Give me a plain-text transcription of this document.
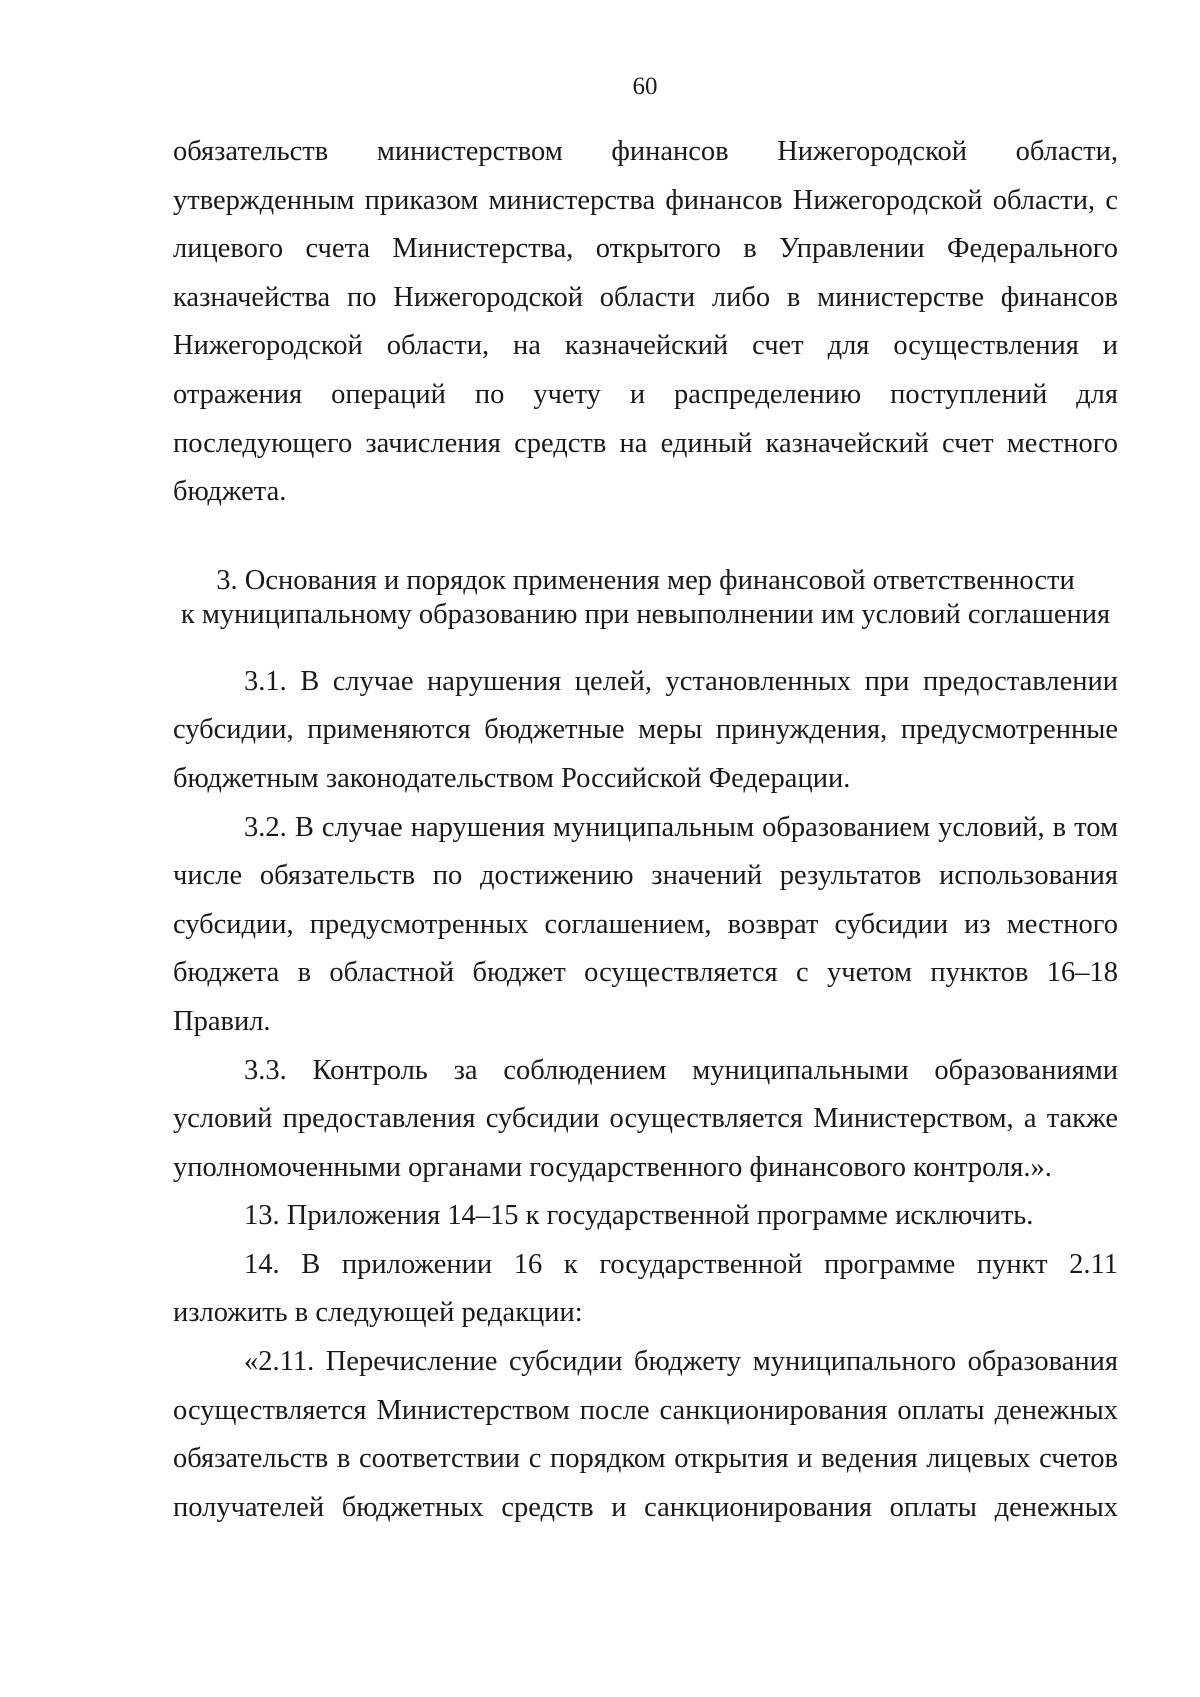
60

обязательств министерством финансов Нижегородской области, утвержденным приказом министерства финансов Нижегородской области, с лицевого счета Министерства, открытого в Управлении Федерального казначейства по Нижегородской области либо в министерстве финансов Нижегородской области, на казначейский счет для осуществления и отражения операций по учету и распределению поступлений для последующего зачисления средств на единый казначейский счет местного бюджета.

3. Основания и порядок применения мер финансовой ответственности
к муниципальному образованию при невыполнении им условий соглашения

3.1. В случае нарушения целей, установленных при предоставлении субсидии, применяются бюджетные меры принуждения, предусмотренные бюджетным законодательством Российской Федерации.

3.2. В случае нарушения муниципальным образованием условий, в том числе обязательств по достижению значений результатов использования субсидии, предусмотренных соглашением, возврат субсидии из местного бюджета в областной бюджет осуществляется с учетом пунктов 16–18 Правил.

3.3. Контроль за соблюдением муниципальными образованиями условий предоставления субсидии осуществляется Министерством, а также уполномоченными органами государственного финансового контроля.».

13. Приложения 14–15 к государственной программе исключить.

14. В приложении 16 к государственной программе пункт 2.11 изложить в следующей редакции:

«2.11. Перечисление субсидии бюджету муниципального образования осуществляется Министерством после санкционирования оплаты денежных обязательств в соответствии с порядком открытия и ведения лицевых счетов получателей бюджетных средств и санкционирования оплаты денежных
